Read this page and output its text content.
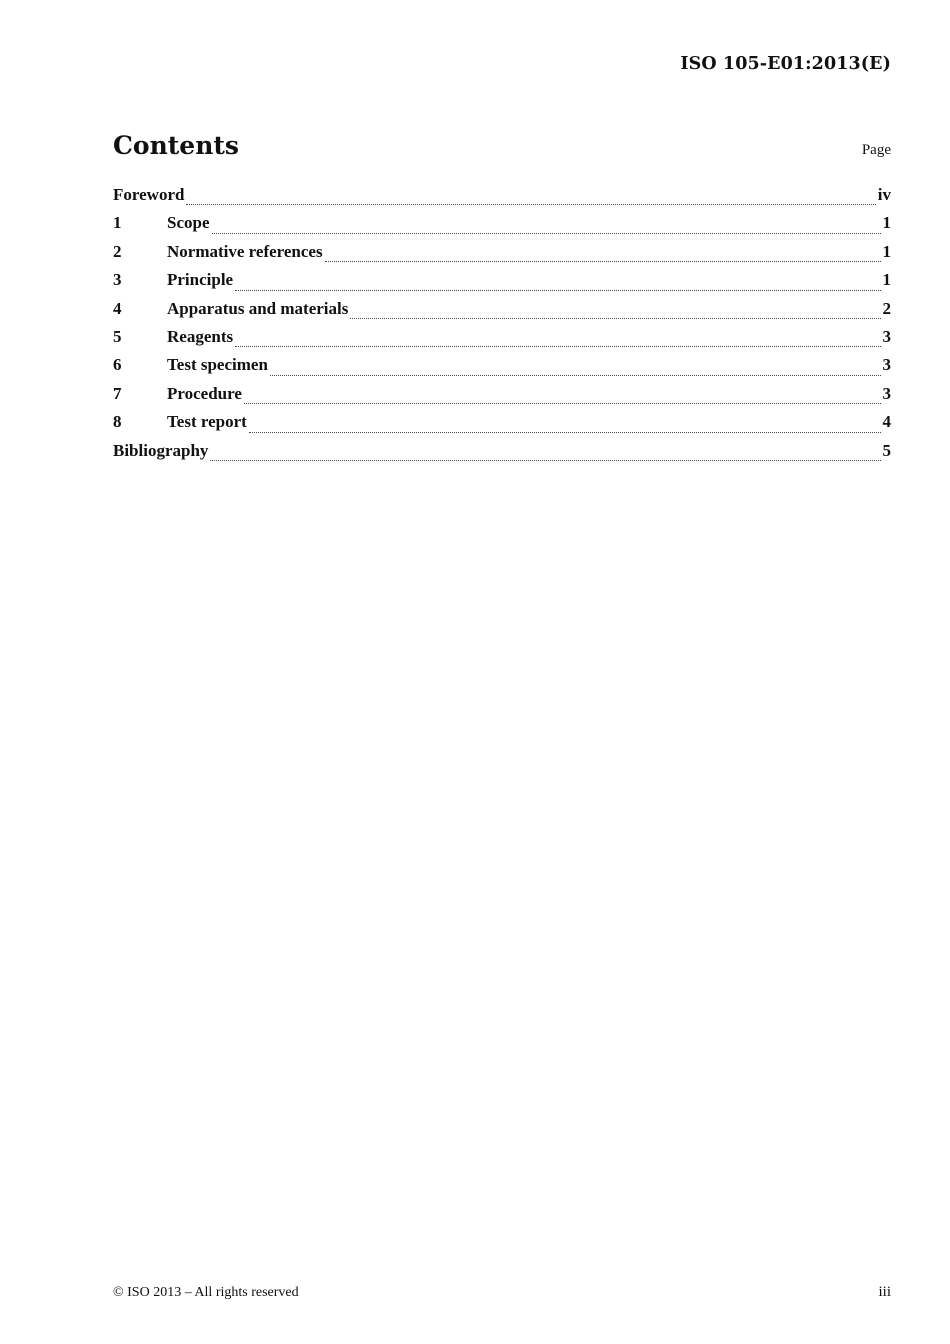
ISO 105-E01:2013(E)
Contents	Page
Foreword	iv
1	Scope	1
2	Normative references	1
3	Principle	1
4	Apparatus and materials	2
5	Reagents	3
6	Test specimen	3
7	Procedure	3
8	Test report	4
Bibliography	5
© ISO 2013 – All rights reserved	iii
